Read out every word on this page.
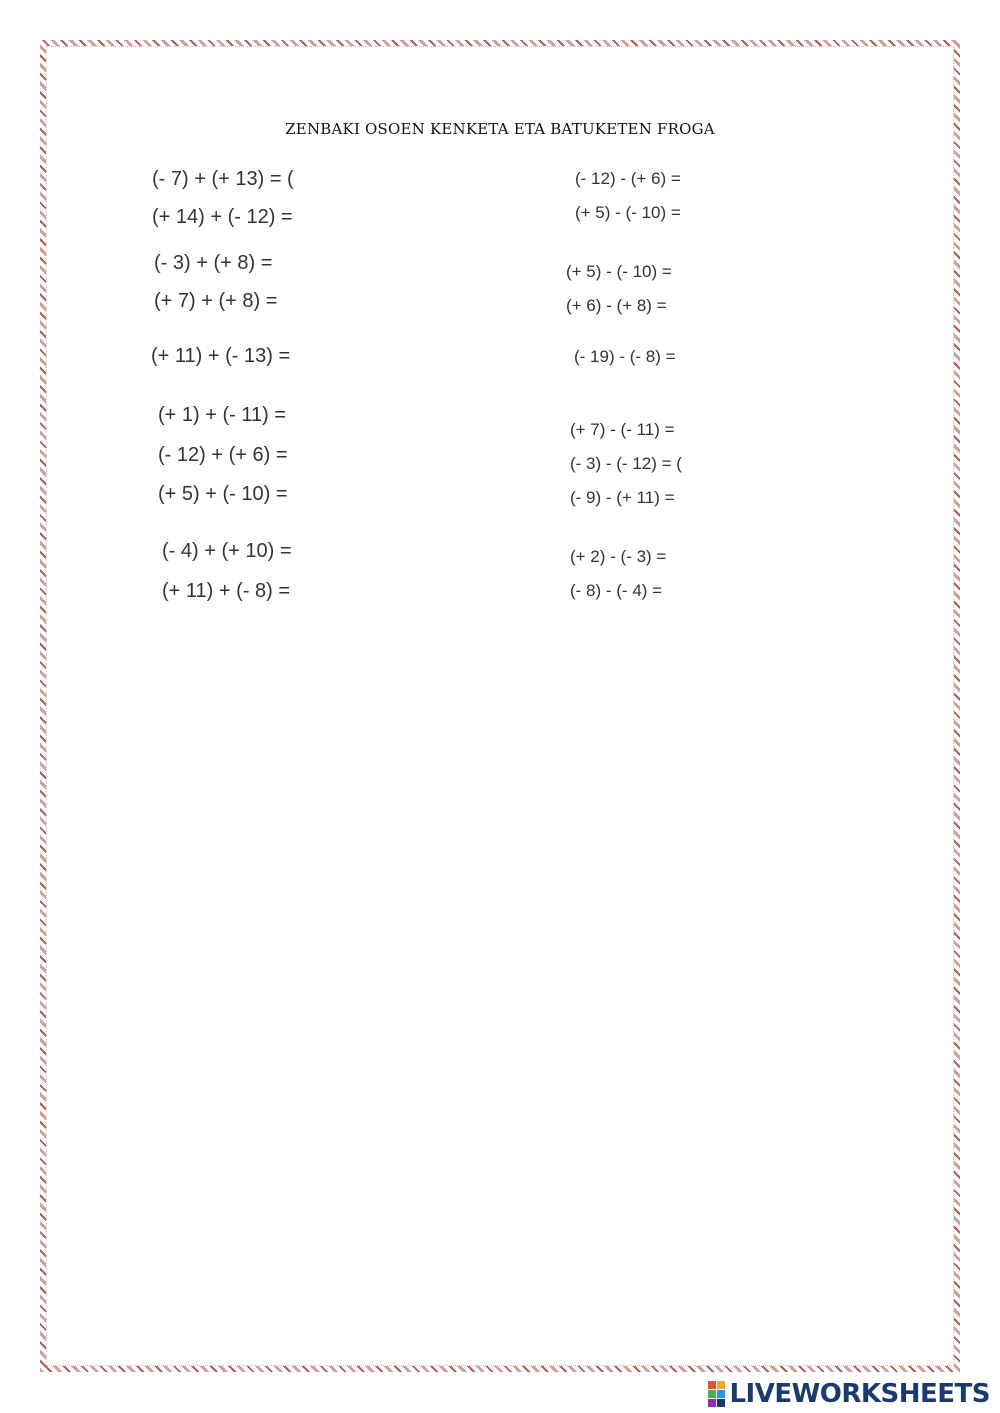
ZENBAKI OSOEN KENKETA ETA BATUKETEN FROGA
(- 7) + (+ 13) = (
(+ 14) + (- 12) =
(- 3) + (+ 8) =
(+ 7) + (+ 8) =
(+ 11) + (- 13) =
(+ 1) + (- 11) =
(- 12) + (+ 6) =
(+ 5) + (- 10) =
(- 4) + (+ 10) =
(+ 11) + (- 8) =
(- 12) - (+ 6) =
(+ 5) - (- 10) =
(+ 5) - (- 10) =
(+ 6) - (+ 8) =
(- 19) - (- 8) =
(+ 7) - (- 11) =
(- 3) - (- 12) = (
(- 9) - (+ 11) =
(+ 2) - (- 3) =
(- 8) - (- 4) =
LIVEWORKSHEETS
